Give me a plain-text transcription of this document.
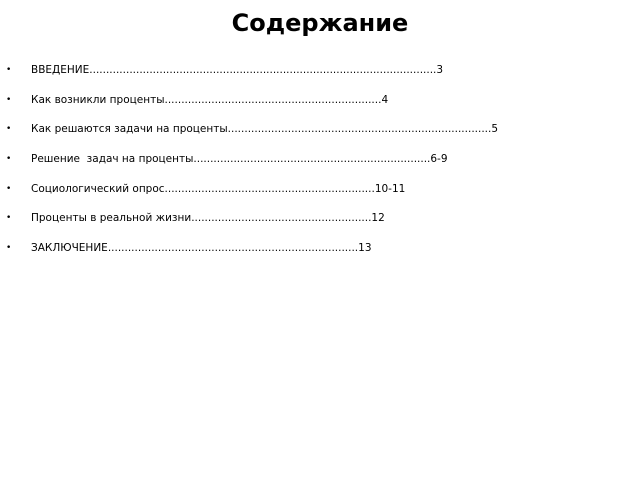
Содержание

•

ВВЕДЕНИЕ........................................................................................................3

•

Как возникли проценты.................................................................4

•

Как решаются задачи на проценты...............................................................................5

•

Решение  задач на проценты.......................................................................6-9

•

Социологический опрос...............................................................10-11

•

Проценты в реальной жизни......................................................12

•

ЗАКЛЮЧЕНИЕ...........................................................................13
